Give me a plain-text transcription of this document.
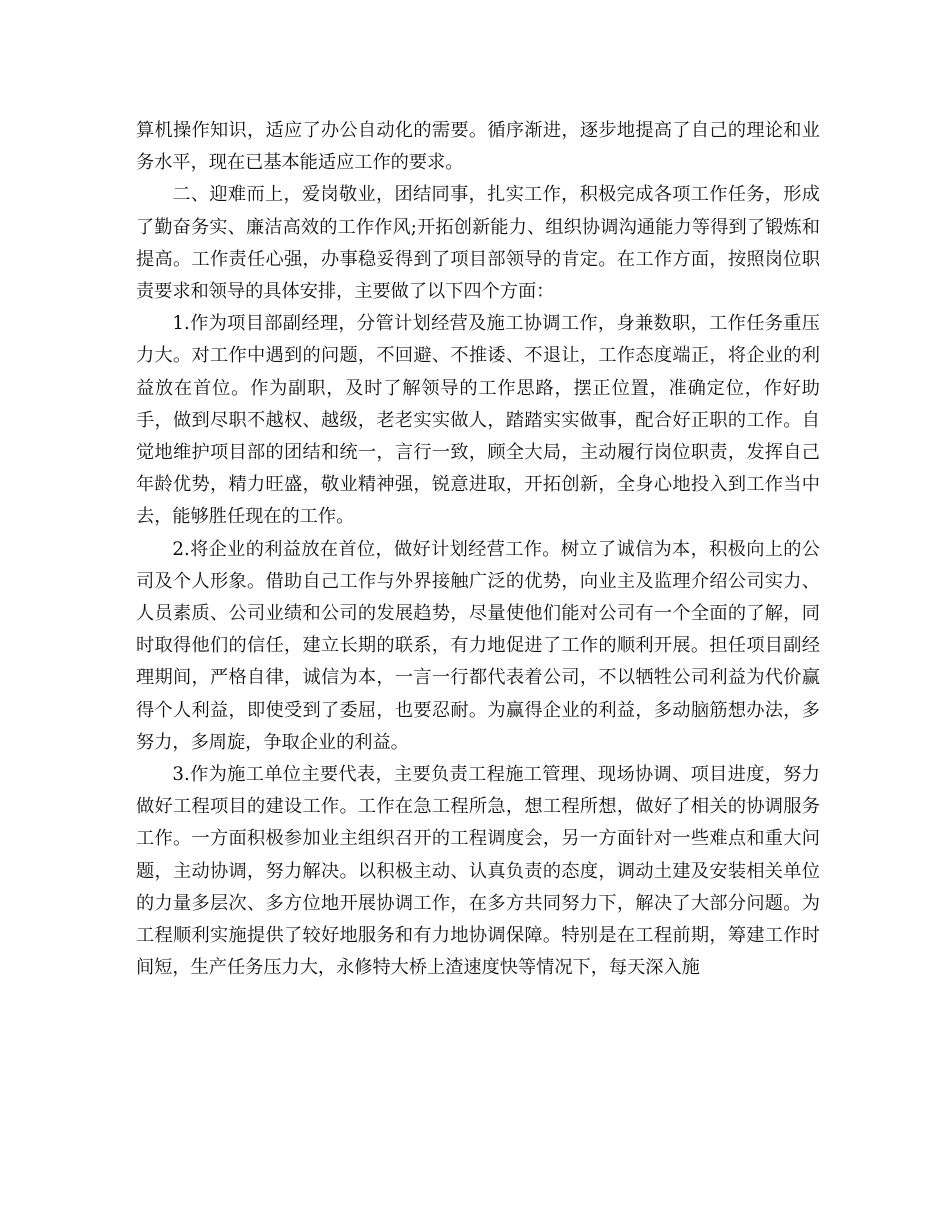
算机操作知识，适应了办公自动化的需要。循序渐进，逐步地提高了自己的理论和业务水平，现在已基本能适应工作的要求。

二、迎难而上，爱岗敬业，团结同事，扎实工作，积极完成各项工作任务，形成了勤奋务实、廉洁高效的工作作风;开拓创新能力、组织协调沟通能力等得到了锻炼和提高。工作责任心强，办事稳妥得到了项目部领导的肯定。在工作方面，按照岗位职责要求和领导的具体安排，主要做了以下四个方面：

1.作为项目部副经理，分管计划经营及施工协调工作，身兼数职，工作任务重压力大。对工作中遇到的问题，不回避、不推诿、不退让，工作态度端正，将企业的利益放在首位。作为副职，及时了解领导的工作思路，摆正位置，准确定位，作好助手，做到尽职不越权、越级，老老实实做人，踏踏实实做事，配合好正职的工作。自觉地维护项目部的团结和统一，言行一致，顾全大局，主动履行岗位职责，发挥自己年龄优势，精力旺盛，敬业精神强，锐意进取，开拓创新，全身心地投入到工作当中去，能够胜任现在的工作。

2.将企业的利益放在首位，做好计划经营工作。树立了诚信为本，积极向上的公司及个人形象。借助自己工作与外界接触广泛的优势，向业主及监理介绍公司实力、人员素质、公司业绩和公司的发展趋势，尽量使他们能对公司有一个全面的了解，同时取得他们的信任，建立长期的联系，有力地促进了工作的顺利开展。担任项目副经理期间，严格自律，诚信为本，一言一行都代表着公司，不以牺牲公司利益为代价赢得个人利益，即使受到了委屈，也要忍耐。为赢得企业的利益，多动脑筋想办法，多努力，多周旋，争取企业的利益。

3.作为施工单位主要代表，主要负责工程施工管理、现场协调、项目进度，努力做好工程项目的建设工作。工作在急工程所急，想工程所想，做好了相关的协调服务工作。一方面积极参加业主组织召开的工程调度会，另一方面针对一些难点和重大问题，主动协调，努力解决。以积极主动、认真负责的态度，调动土建及安装相关单位的力量多层次、多方位地开展协调工作，在多方共同努力下，解决了大部分问题。为工程顺利实施提供了较好地服务和有力地协调保障。特别是在工程前期，筹建工作时间短，生产任务压力大，永修特大桥上渣速度快等情况下，每天深入施
